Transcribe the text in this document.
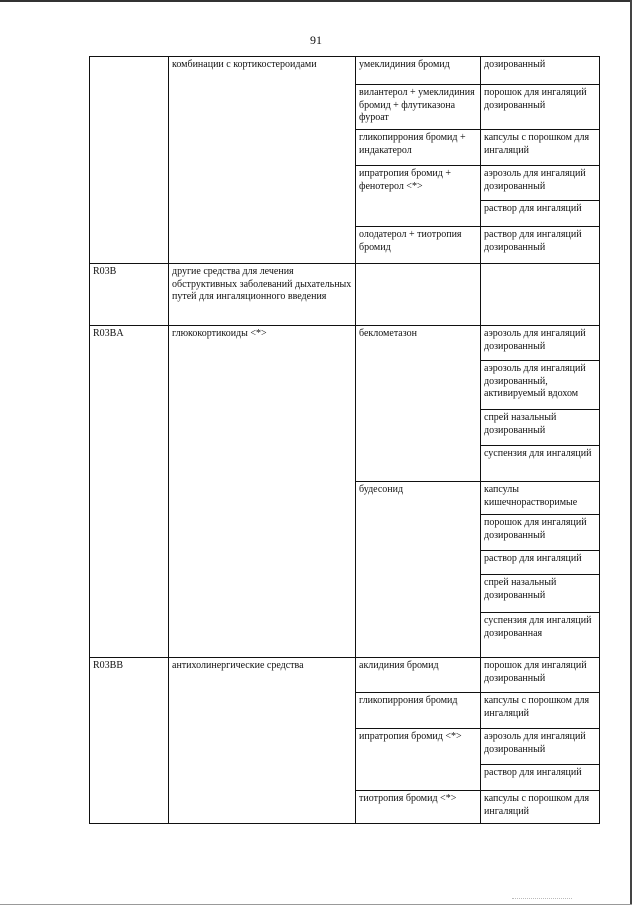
91
	комбинации с кортикостероидами	умеклидиния бромид	дозированный
		вилантерол + умеклидиния бромид + флутиказона фуроат	порошок для ингаляций дозированный
		гликопиррония бромид + индакатерол	капсулы с порошком для ингаляций
		ипратропия бромид + фенотерол <*>	аэрозоль для ингаляций дозированный
			раствор для ингаляций
		олодатерол + тиотропия бромид	раствор для ингаляций дозированный
R03B	другие средства для лечения обструктивных заболеваний дыхательных путей для ингаляционного введения		
R03BA	глюкокортикоиды <*>	беклометазон	аэрозоль для ингаляций дозированный
			аэрозоль для ингаляций дозированный, активируемый вдохом
			спрей назальный дозированный
			суспензия для ингаляций
		будесонид	капсулы кишечнорастворимые
			порошок для ингаляций дозированный
			раствор для ингаляций
			спрей назальный дозированный
			суспензия для ингаляций дозированная
R03BB	антихолинергические средства	аклидиния бромид	порошок для ингаляций дозированный
		гликопиррония бромид	капсулы с порошком для ингаляций
		ипратропия бромид <*>	аэрозоль для ингаляций дозированный
			раствор для ингаляций
		тиотропия бромид <*>	капсулы с порошком для ингаляций
